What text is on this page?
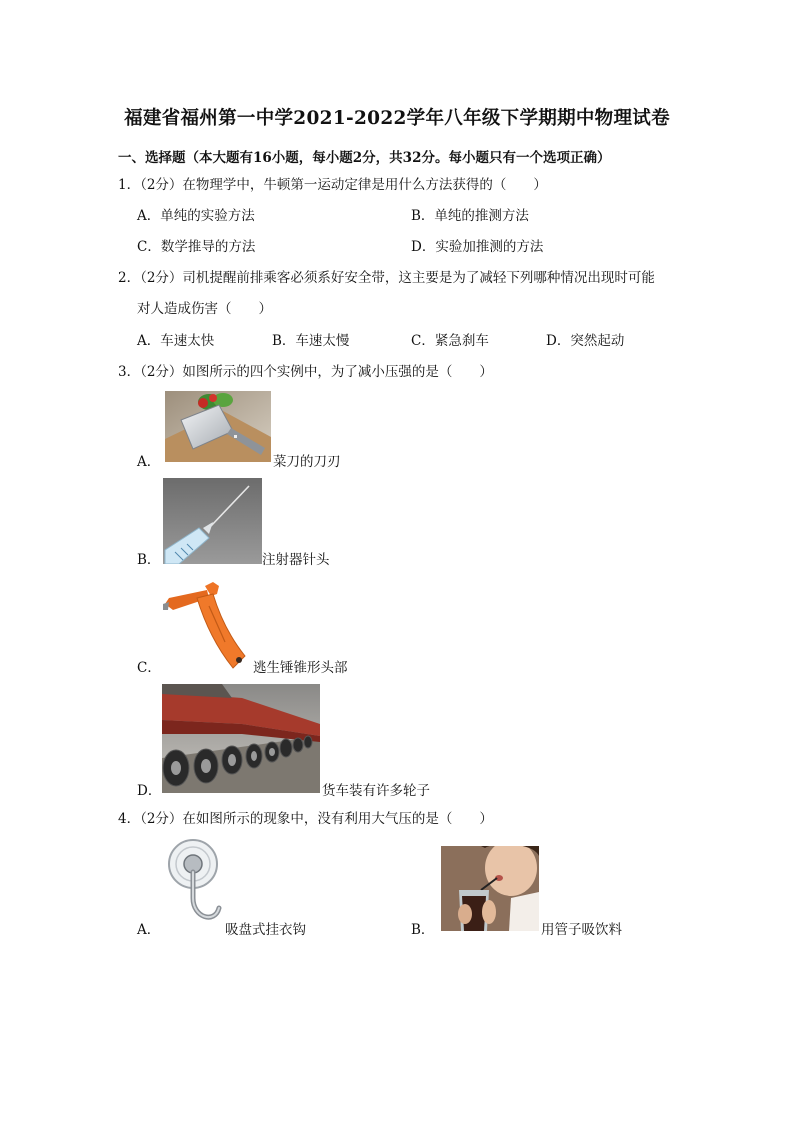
福建省福州第一中学2021-2022学年八年级下学期期中物理试卷
一、选择题（本大题有16小题，每小题2分，共32分。每小题只有一个选项正确）
1．（2分）在物理学中，牛顿第一运动定律是用什么方法获得的（　　）
A．单纯的实验方法	B．单纯的推测方法
C．数学推导的方法	D．实验加推测的方法
2．（2分）司机提醒前排乘客必须系好安全带，这主要是为了减轻下列哪种情况出现时可能
对人造成伤害（　　）
A．车速太快	B．车速太慢	C．紧急刹车	D．突然起动
3．（2分）如图所示的四个实例中，为了减小压强的是（　　）
A．	菜刀的刀刃
B．	注射器针头
C．	逃生锤锥形头部
D．	货车装有许多轮子
4．（2分）在如图所示的现象中，没有利用大气压的是（　　）
A．	吸盘式挂衣钩	B．	用管子吸饮料
